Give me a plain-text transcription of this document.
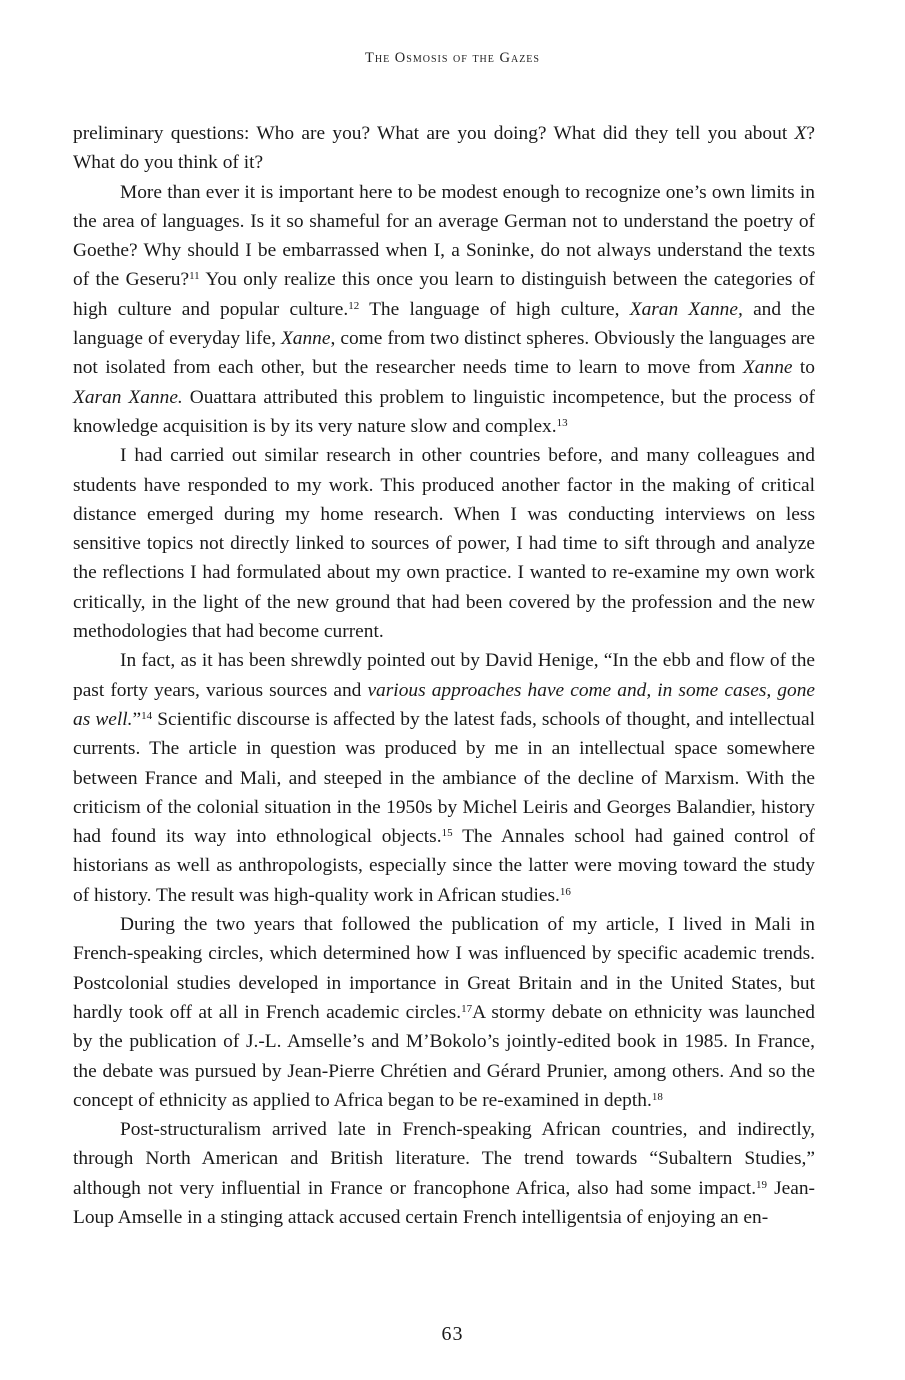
The Osmosis of the Gazes

preliminary questions: Who are you? What are you doing? What did they tell you about X? What do you think of it?

More than ever it is important here to be modest enough to recognize one’s own limits in the area of languages. Is it so shameful for an average German not to understand the poetry of Goethe? Why should I be embarrassed when I, a Soninke, do not always understand the texts of the Geseru?$^{11}$ You only realize this once you learn to distinguish between the categories of high culture and popular culture.$^{12}$ The language of high culture, Xaran Xanne, and the language of everyday life, Xanne, come from two distinct spheres. Obviously the languages are not isolated from each other, but the researcher needs time to learn to move from Xanne to Xaran Xanne. Ouattara attributed this problem to linguistic incompetence, but the process of knowledge acquisition is by its very nature slow and complex.$^{13}$

I had carried out similar research in other countries before, and many colleagues and students have responded to my work. This produced another factor in the making of critical distance emerged during my home research. When I was conducting interviews on less sensitive topics not directly linked to sources of power, I had time to sift through and analyze the reflections I had formulated about my own practice. I wanted to re-examine my own work critically, in the light of the new ground that had been covered by the profession and the new methodologies that had become current.

In fact, as it has been shrewdly pointed out by David Henige, “In the ebb and flow of the past forty years, various sources and various approaches have come and, in some cases, gone as well.”$^{14}$ Scientific discourse is affected by the latest fads, schools of thought, and intellectual currents. The article in question was produced by me in an intellectual space somewhere between France and Mali, and steeped in the ambiance of the decline of Marxism. With the criticism of the colonial situation in the 1950s by Michel Leiris and Georges Balandier, history had found its way into ethnological objects.$^{15}$ The Annales school had gained control of historians as well as anthropologists, especially since the latter were moving toward the study of history. The result was high-quality work in African studies.$^{16}$

During the two years that followed the publication of my article, I lived in Mali in French-speaking circles, which determined how I was influenced by specific academic trends. Postcolonial studies developed in importance in Great Britain and in the United States, but hardly took off at all in French academic circles.$^{17}$A stormy debate on ethnicity was launched by the publication of J.-L. Amselle’s and M’Bokolo’s jointly-edited book in 1985. In France, the debate was pursued by Jean-Pierre Chrétien and Gérard Prunier, among others. And so the concept of ethnicity as applied to Africa began to be re-examined in depth.$^{18}$

Post-structuralism arrived late in French-speaking African countries, and indirectly, through North American and British literature. The trend towards “Subaltern Studies,” although not very influential in France or francophone Africa, also had some impact.$^{19}$ Jean-Loup Amselle in a stinging attack accused certain French intelligentsia of enjoying an en-

63
